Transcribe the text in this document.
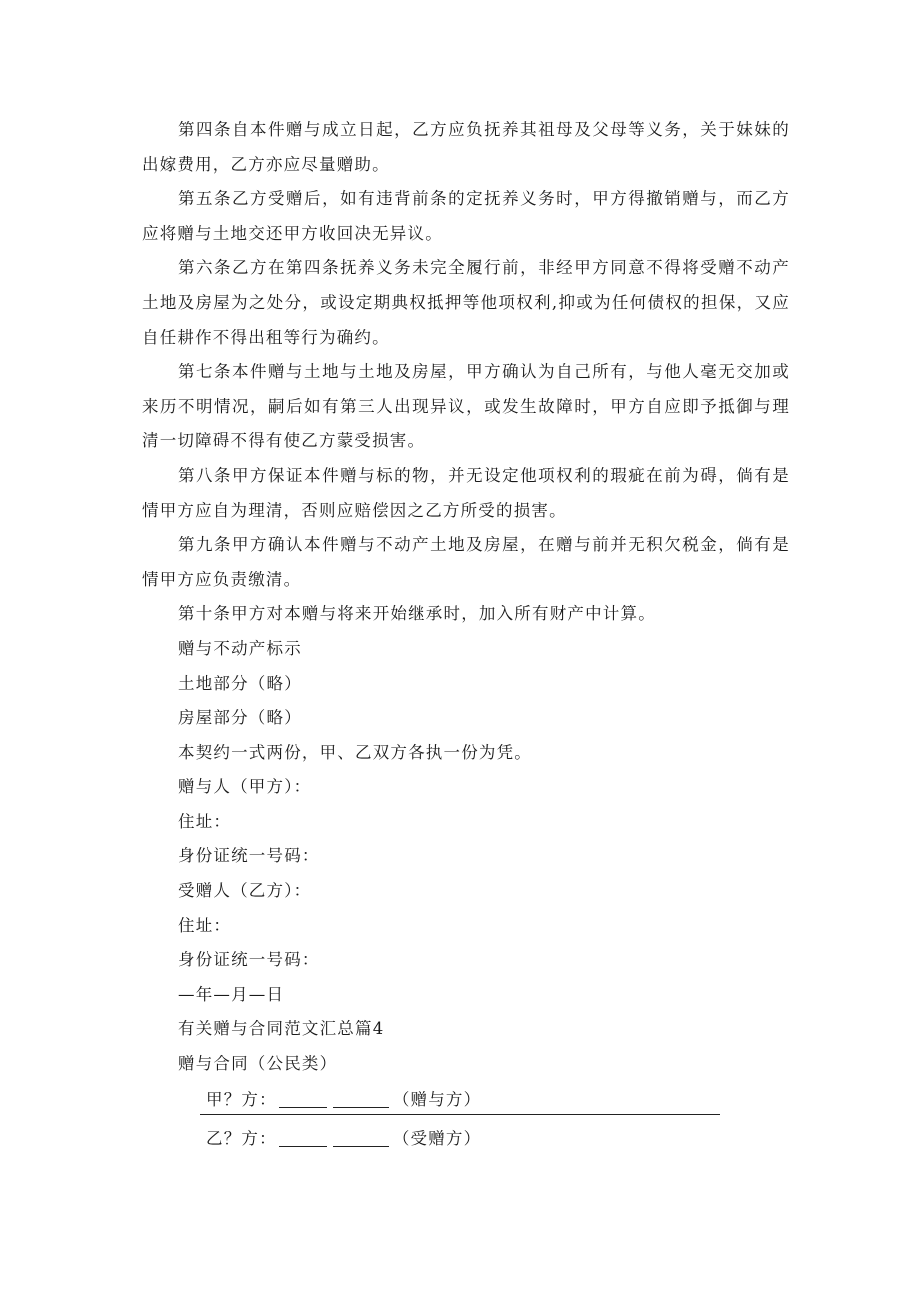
第四条自本件赠与成立日起，乙方应负抚养其祖母及父母等义务，关于妹妹的出嫁费用，乙方亦应尽量赠助。

第五条乙方受赠后，如有违背前条的定抚养义务时，甲方得撤销赠与，而乙方应将赠与土地交还甲方收回决无异议。

第六条乙方在第四条抚养义务未完全履行前，非经甲方同意不得将受赠不动产土地及房屋为之处分，或设定期典权抵押等他项权利,抑或为任何债权的担保，又应自任耕作不得出租等行为确约。

第七条本件赠与土地与土地及房屋，甲方确认为自己所有，与他人毫无交加或来历不明情况，嗣后如有第三人出现异议，或发生故障时，甲方自应即予抵御与理清一切障碍不得有使乙方蒙受损害。

第八条甲方保证本件赠与标的物，并无设定他项权利的瑕疵在前为碍，倘有是情甲方应自为理清，否则应赔偿因之乙方所受的损害。

第九条甲方确认本件赠与不动产土地及房屋，在赠与前并无积欠税金，倘有是情甲方应负责缴清。

第十条甲方对本赠与将来开始继承时，加入所有财产中计算。

赠与不动产标示

土地部分（略）

房屋部分（略）

本契约一式两份，甲、乙双方各执一份为凭。

赠与人（甲方）：

住址：

身份证统一号码：

受赠人（乙方）：

住址：

身份证统一号码：

—年—月—日

有关赠与合同范文汇总篇4

赠与合同（公民类）

甲？方：	（赠与方）
乙？方：	（受赠方）
